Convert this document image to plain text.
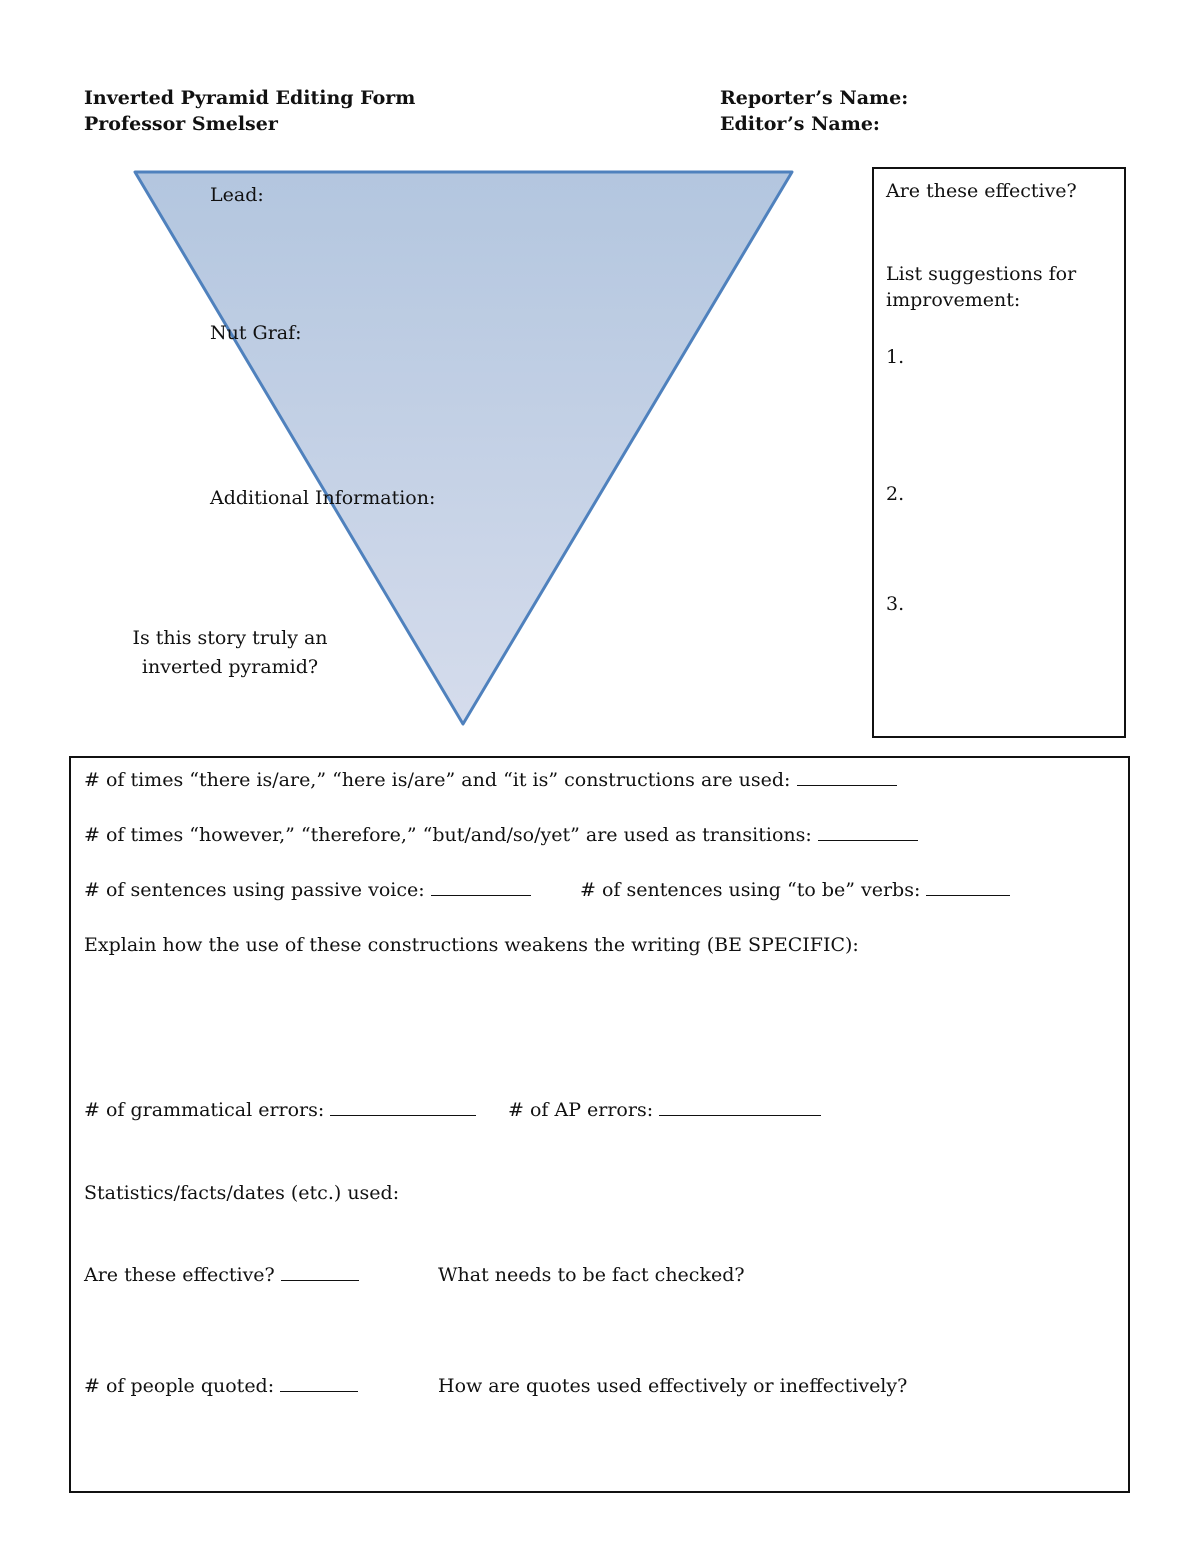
Inverted Pyramid Editing Form
Professor Smelser
Reporter’s Name:
Editor’s Name:
Lead:
Nut Graf:
Additional Information:
Is this story truly an
inverted pyramid?
Are these effective?
List suggestions for
improvement:
1.
2.
3.
# of times “there is/are,” “here is/are” and “it is” constructions are used:
# of times “however,” “therefore,” “but/and/so/yet” are used as transitions:
# of sentences using passive voice:	# of sentences using “to be” verbs:
Explain how the use of these constructions weakens the writing (BE SPECIFIC):
# of grammatical errors:	# of AP errors:
Statistics/facts/dates (etc.) used:
Are these effective?	What needs to be fact checked?
# of people quoted:	How are quotes used effectively or ineffectively?
